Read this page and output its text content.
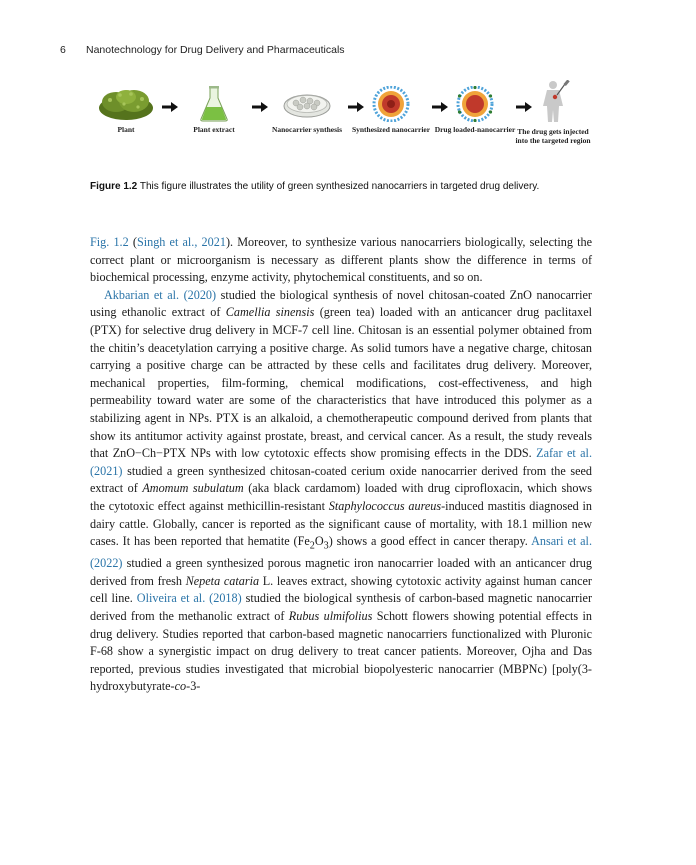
6 Nanotechnology for Drug Delivery and Pharmaceuticals
Plant	Plant extract	Nanocarrier synthesis	Synthesized nanocarrier Drug loaded-nanocarrier The drug gets injected into the targeted region
Figure 1.2 This figure illustrates the utility of green synthesized nanocarriers in targeted drug delivery.

Fig. 1.2 (Singh et al., 2021). Moreover, to synthesize various nanocarriers biologically, selecting the correct plant or microorganism is necessary as different plants show the difference in terms of biochemical processing, enzyme activity, phytochemical constituents, and so on.

Akbarian et al. (2020) studied the biological synthesis of novel chitosan-coated ZnO nanocarrier using ethanolic extract of Camellia sinensis (green tea) loaded with an anticancer drug paclitaxel (PTX) for selective drug delivery in MCF-7 cell line. Chitosan is an essential polymer obtained from the chitin’s deacetylation carrying a positive charge. As solid tumors have a negative charge, chitosan carrying a positive charge can be attracted by these cells and facilitates drug delivery. Moreover, mechanical properties, film-forming, chemical modifications, cost-effectiveness, and high permeability toward water are some of the characteristics that have introduced this polymer as a stabilizing agent in NPs. PTX is an alkaloid, a chemotherapeutic compound derived from plants that show its antitumor activity against prostate, breast, and cervical cancer. As a result, the study reveals that ZnO−Ch−PTX NPs with low cytotoxic effects show promising effects in the DDS. Zafar et al. (2021) studied a green synthesized chitosan-coated cerium oxide nanocarrier derived from the seed extract of Amomum subulatum (aka black cardamom) loaded with drug ciprofloxacin, which shows the cytotoxic effect against methicillin-resistant Staphylococcus aureus-induced mastitis diagnosed in dairy cattle. Globally, cancer is reported as the significant cause of mortality, with 18.1 million new cases. It has been reported that hematite $(Fe_2O_3)$ shows a good effect in cancer therapy. Ansari et al. (2022) studied a green synthesized porous magnetic iron nanocarrier loaded with an anticancer drug derived from fresh Nepeta cataria L. leaves extract, showing cytotoxic activity against human cancer cell line. Oliveira et al. (2018) studied the biological synthesis of carbon-based magnetic nanocarrier derived from the methanolic extract of Rubus ulmifolius Schott flowers showing potential effects in drug delivery. Studies reported that carbon-based magnetic nanocarriers functionalized with Pluronic F-68 show a synergistic impact on drug delivery to treat cancer patients. Moreover, Ojha and Das reported, previous studies investigated that microbial biopolyesteric nanocarrier (MBPNc) [poly(3-hydroxybutyrate-co-3-
